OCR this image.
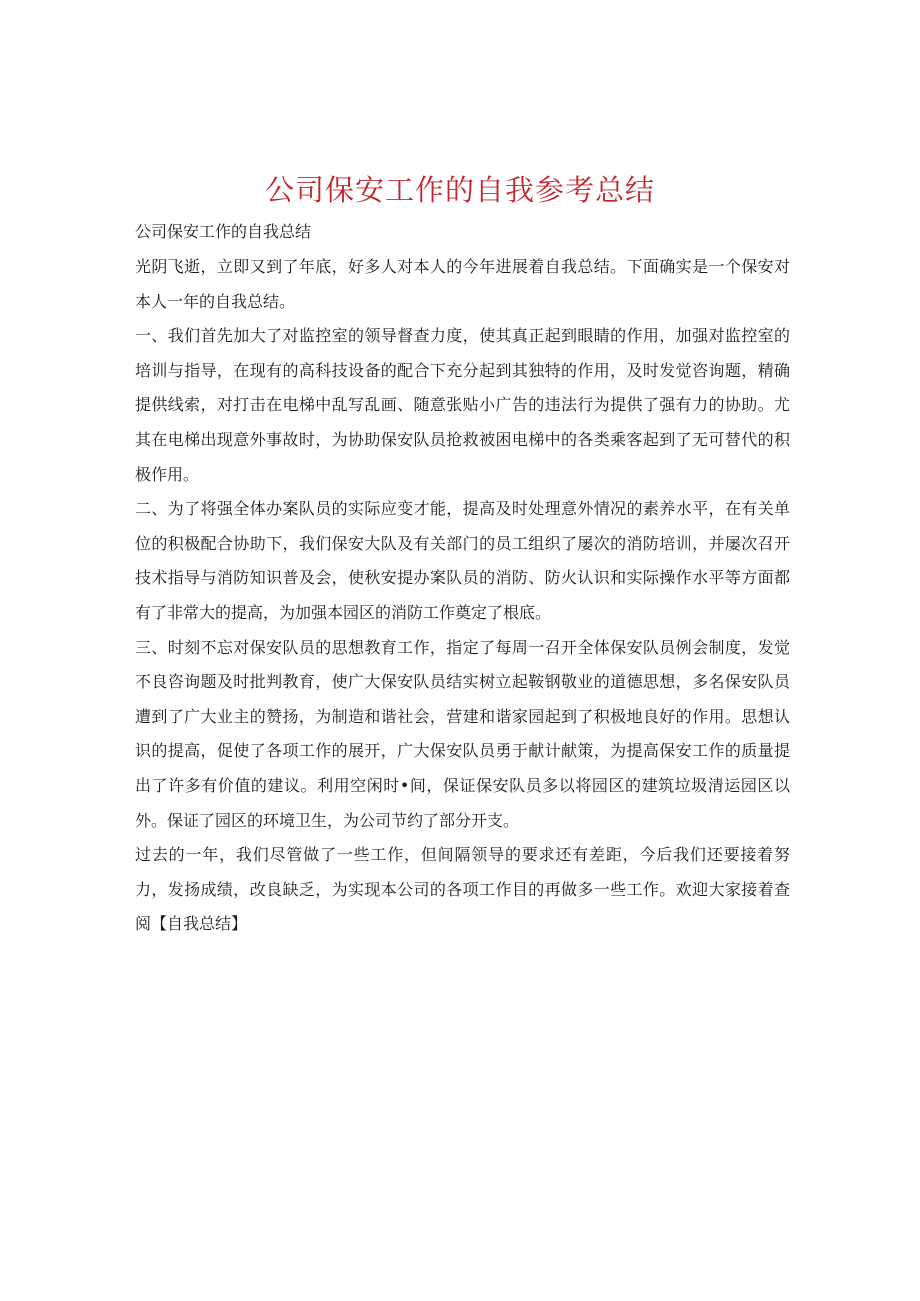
公司保安工作的自我参考总结

公司保安工作的自我总结

光阴飞逝，立即又到了年底，好多人对本人的今年进展着自我总结。下面确实是一个保安对本人一年的自我总结。

一、我们首先加大了对监控室的领导督查力度，使其真正起到眼睛的作用，加强对监控室的培训与指导，在现有的高科技设备的配合下充分起到其独特的作用，及时发觉咨询题，精确提供线索，对打击在电梯中乱写乱画、随意张贴小广告的违法行为提供了强有力的协助。尤其在电梯出现意外事故时，为协助保安队员抢救被困电梯中的各类乘客起到了无可替代的积极作用。

二、为了将强全体办案队员的实际应变才能，提高及时处理意外情况的素养水平，在有关单位的积极配合协助下，我们保安大队及有关部门的员工组织了屡次的消防培训，并屡次召开技术指导与消防知识普及会，使秋安提办案队员的消防、防火认识和实际操作水平等方面都有了非常大的提高，为加强本园区的消防工作奠定了根底。

三、时刻不忘对保安队员的思想教育工作，指定了每周一召开全体保安队员例会制度，发觉不良咨询题及时批判教育，使广大保安队员结实树立起鞍钢敬业的道德思想，多名保安队员遭到了广大业主的赞扬，为制造和谐社会，营建和谐家园起到了积极地良好的作用。思想认识的提高，促使了各项工作的展开，广大保安队员勇于献计献策，为提高保安工作的质量提出了许多有价值的建议。利用空闲时•间，保证保安队员多以将园区的建筑垃圾清运园区以外。保证了园区的环境卫生，为公司节约了部分开支。

过去的一年，我们尽管做了一些工作，但间隔领导的要求还有差距，今后我们还要接着努力，发扬成绩，改良缺乏，为实现本公司的各项工作目的再做多一些工作。欢迎大家接着查阅【自我总结】
